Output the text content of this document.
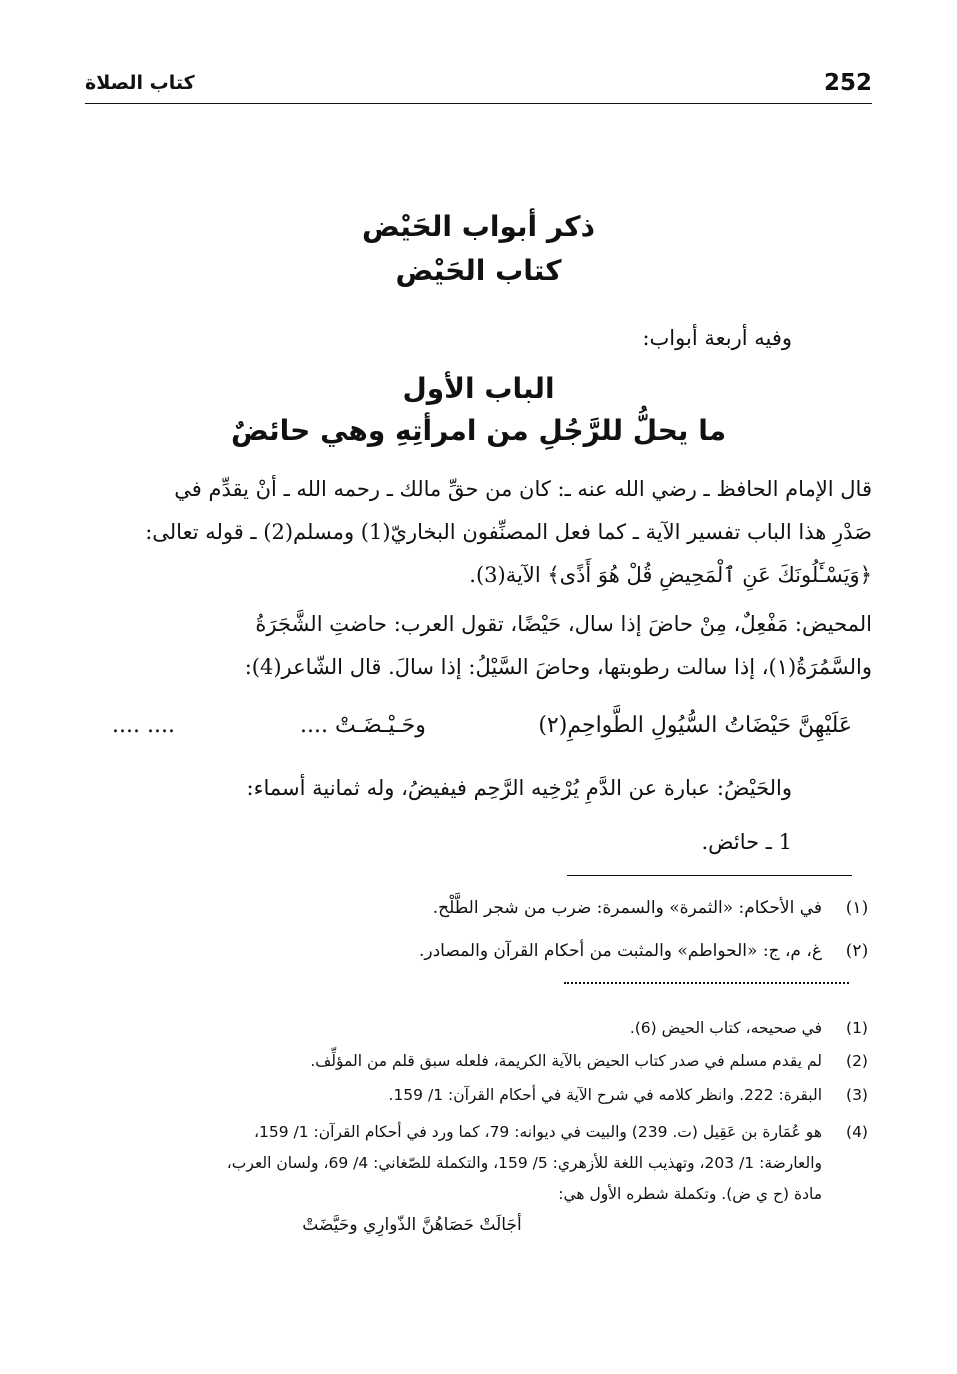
252
كتاب الصلاة
ذكر أبواب الحَيْض
كتاب الحَيْض
وفيه أربعة أبواب:
الباب الأول
ما يحلُّ للرَّجُلِ من امرأتِهِ وهي حائضٌ
قال الإمام الحافظ ـ رضي الله عنه ـ: كان من حقِّ مالك ـ رحمه الله ـ أنْ يقدِّم في
صَدْرِ هذا الباب تفسير الآية ـ كما فعل المصنِّفون البخاريّ(1) ومسلم(2) ـ قوله تعالى:
﴿وَيَسْـَٔلُونَكَ عَنِ ٱلْمَحِيضِ قُلْ هُوَ أَذًى﴾ الآية(3).
المحيض: مَفْعِلٌ، مِنْ حاضَ إذا سال، حَيْضًا، تقول العرب: حاضتِ الشَّجَرَةُ
والسَّمُرَةُ(١)، إذا سالت رطوبتها، وحاضَ السَّيْلُ: إذا سالَ. قال الشّاعر(4):
عَلَيْهِنَّ حَيْضَاتُ السُّيُولِ الطَّواحِمِ(٢)
وحَـيْـضَـتْ ....
.... ....
والحَيْضُ: عبارة عن الدَّمِ يُرْخِيه الرَّحِم فيفيضُ، وله ثمانية أسماء:
1 ـ حائض.
(١)
في الأحكام: «الثمرة» والسمرة: ضرب من شجر الطَّلْح.
(٢)
غ، م، ج: «الحواطم» والمثبت من أحكام القرآن والمصادر.
(1)
في صحيحه، كتاب الحيض (6).
(2)
لم يقدم مسلم في صدر كتاب الحيض بالآية الكريمة، فلعله سبق قلم من المؤلِّف.
(3)
البقرة: 222. وانظر كلامه في شرح الآية في أحكام القرآن: 1/ 159.
(4)
هو عُمَارة بن عَقِيل (ت. 239) والبيت في ديوانه: 79، كما ورد في أحكام القرآن: 1/ 159،
والعارضة: 1/ 203، وتهذيب اللغة للأزهري: 5/ 159، والتكملة للصّغاني: 4/ 69، ولسان العرب،
مادة (ح ي ض). وتكملة شطره الأول هي:
أجَالَتْ حَصَاهُنَّ الذّوارِي وحَيَّضَتْ
